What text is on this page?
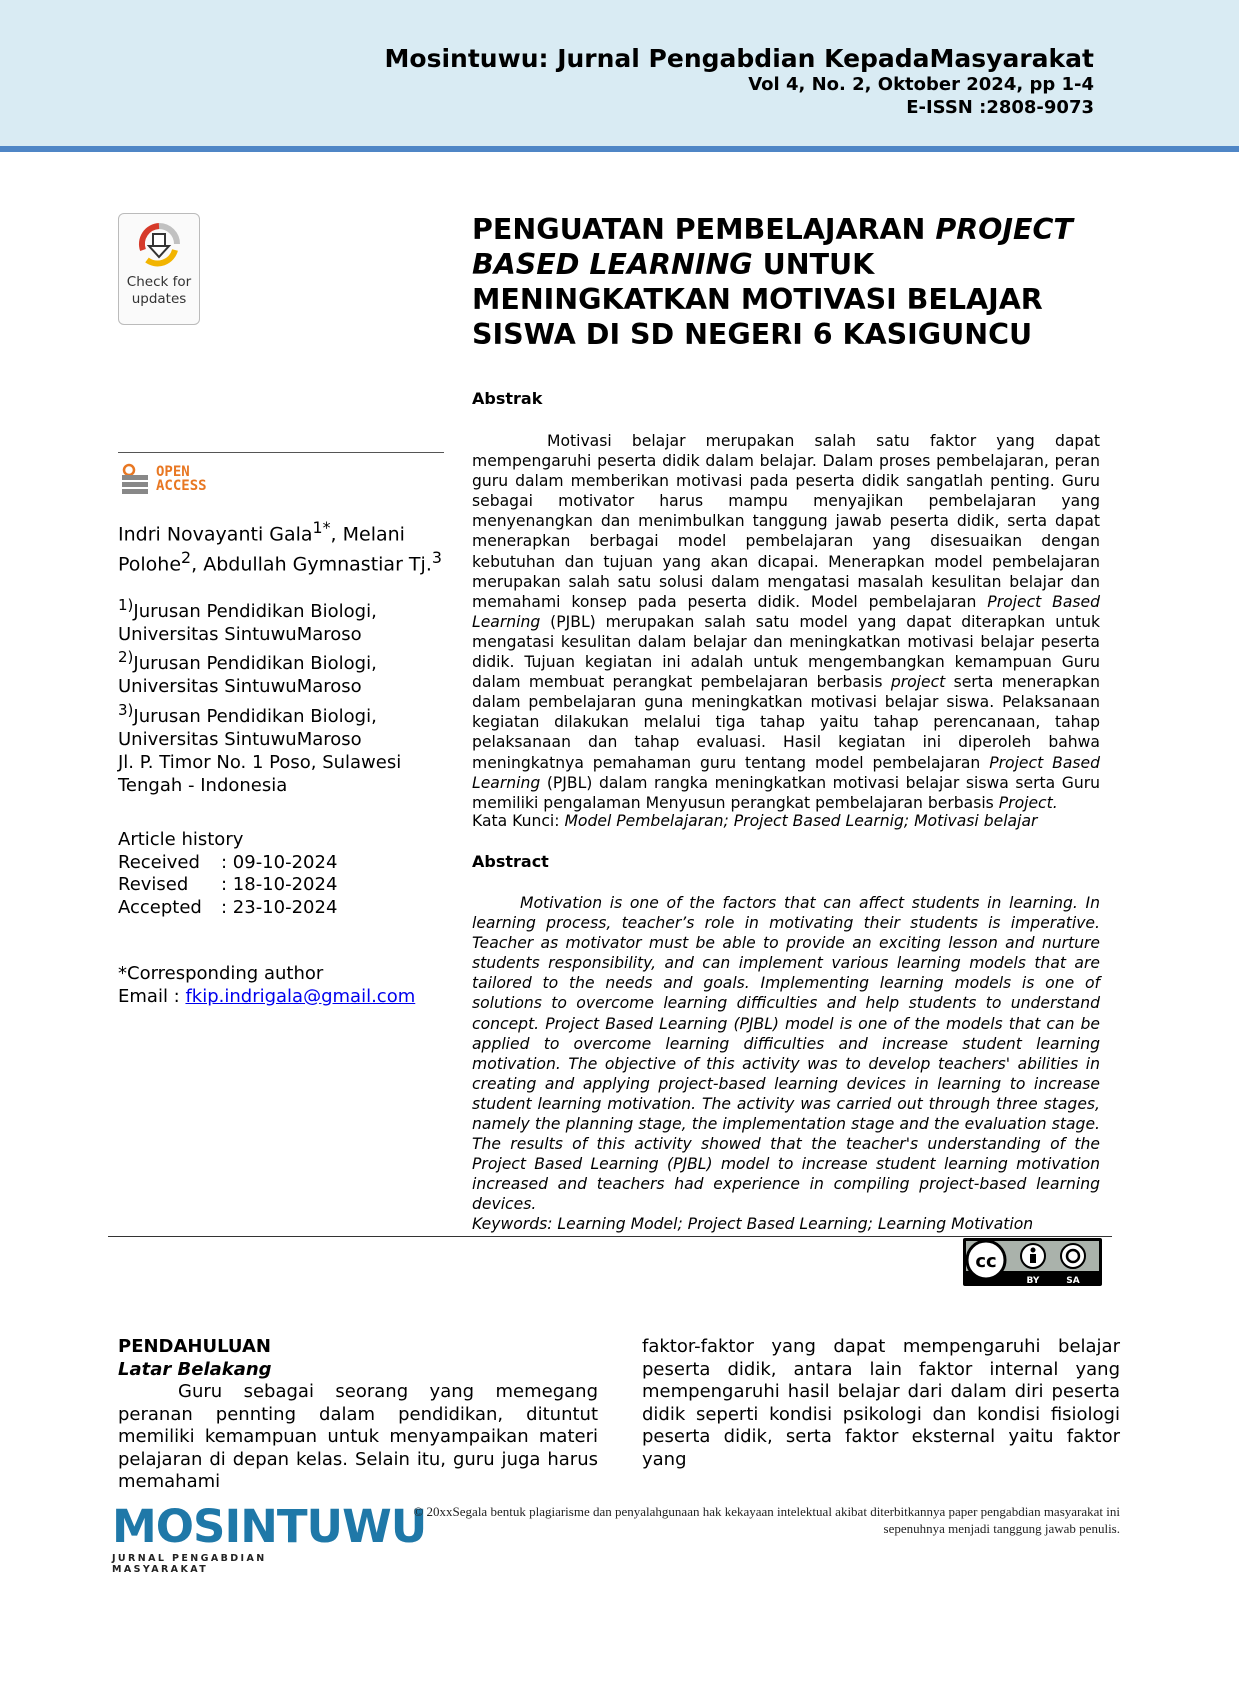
Mosintuwu: Jurnal Pengabdian KepadaMasyarakat
Vol 4, No. 2, Oktober 2024, pp 1-4
E-ISSN :2808-9073
Check for
updates
PENGUATAN PEMBELAJARAN PROJECT BASED LEARNING UNTUK MENINGKATKAN MOTIVASI BELAJAR SISWA DI SD NEGERI 6 KASIGUNCU
OPEN
ACCESS
Indri Novayanti Gala$^{1*}$, Melani Polohe$^2$, Abdullah Gymnastiar Tj.$^3$
$^{1)}$Jurusan Pendidikan Biologi, Universitas SintuwuMaroso
$^{2)}$Jurusan Pendidikan Biologi, Universitas SintuwuMaroso
$^{3)}$Jurusan Pendidikan Biologi, Universitas SintuwuMaroso
Jl. P. Timor No. 1 Poso, Sulawesi Tengah - Indonesia
Article history
Received : 09-10-2024
Revised : 18-10-2024
Accepted : 23-10-2024
*Corresponding author
Email : fkip.indrigala@gmail.com
Abstrak

Motivasi belajar merupakan salah satu faktor yang dapat mempengaruhi peserta didik dalam belajar. Dalam proses pembelajaran, peran guru dalam memberikan motivasi pada peserta didik sangatlah penting. Guru sebagai motivator harus mampu menyajikan pembelajaran yang menyenangkan dan menimbulkan tanggung jawab peserta didik, serta dapat menerapkan berbagai model pembelajaran yang disesuaikan dengan kebutuhan dan tujuan yang akan dicapai. Menerapkan model pembelajaran merupakan salah satu solusi dalam mengatasi masalah kesulitan belajar dan memahami konsep pada peserta didik. Model pembelajaran Project Based Learning (PJBL) merupakan salah satu model yang dapat diterapkan untuk mengatasi kesulitan dalam belajar dan meningkatkan motivasi belajar peserta didik. Tujuan kegiatan ini adalah untuk mengembangkan kemampuan Guru dalam membuat perangkat pembelajaran berbasis project serta menerapkan dalam pembelajaran guna meningkatkan motivasi belajar siswa. Pelaksanaan kegiatan dilakukan melalui tiga tahap yaitu tahap perencanaan, tahap pelaksanaan dan tahap evaluasi. Hasil kegiatan ini diperoleh bahwa meningkatnya pemahaman guru tentang model pembelajaran Project Based Learning (PJBL) dalam rangka meningkatkan motivasi belajar siswa serta Guru memiliki pengalaman Menyusun perangkat pembelajaran berbasis Project.

Kata Kunci: Model Pembelajaran; Project Based Learnig; Motivasi belajar
Abstract

Motivation is one of the factors that can affect students in learning. In learning process, teacher’s role in motivating their students is imperative. Teacher as motivator must be able to provide an exciting lesson and nurture students responsibility, and can implement various learning models that are tailored to the needs and goals. Implementing learning models is one of solutions to overcome learning difficulties and help students to understand concept. Project Based Learning (PJBL) model is one of the models that can be applied to overcome learning difficulties and increase student learning motivation. The objective of this activity was to develop teachers' abilities in creating and applying project-based learning devices in learning to increase student learning motivation. The activity was carried out through three stages, namely the planning stage, the implementation stage and the evaluation stage. The results of this activity showed that the teacher's understanding of the Project Based Learning (PJBL) model to increase student learning motivation increased and teachers had experience in compiling project-based learning devices.

Keywords: Learning Model; Project Based Learning; Learning Motivation
cc
BY	SA
PENDAHULUAN
Latar Belakang
Guru sebagai seorang yang memegang peranan pennting dalam pendidikan, dituntut memiliki kemampuan untuk menyampaikan materi pelajaran di depan kelas. Selain itu, guru juga harus memahami
faktor-faktor yang dapat mempengaruhi belajar peserta didik, antara lain faktor internal yang mempengaruhi hasil belajar dari dalam diri peserta didik seperti kondisi psikologi dan kondisi fisiologi peserta didik, serta faktor eksternal yaitu faktor yang
MOSINTUWU
JURNAL PENGABDIAN MASYARAKAT
© 20xxSegala bentuk plagiarisme dan penyalahgunaan hak kekayaan intelektual akibat diterbitkannya paper pengabdian masyarakat ini sepenuhnya menjadi tanggung jawab penulis.
